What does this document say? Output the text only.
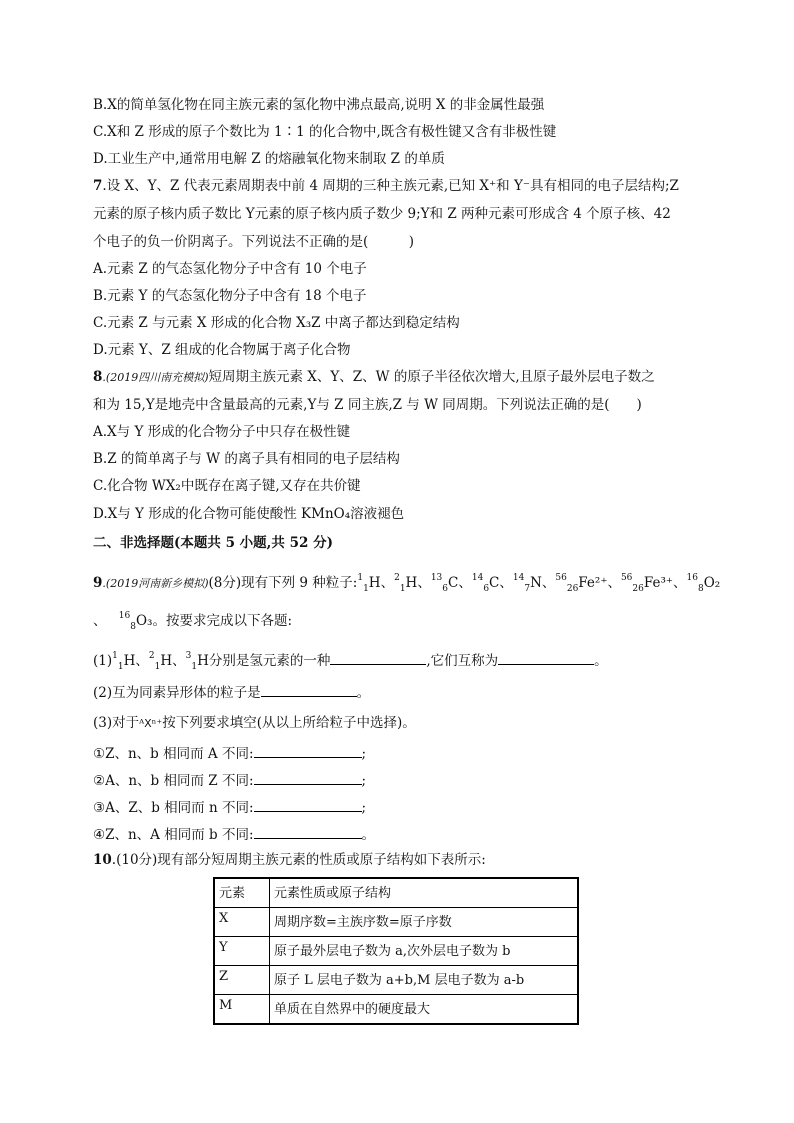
B.X的简单氢化物在同主族元素的氢化物中沸点最高,说明 X 的非金属性最强
C.X和 Z 形成的原子个数比为 1∶1 的化合物中,既含有极性键又含有非极性键
D.工业生产中,通常用电解 Z 的熔融氧化物来制取 Z 的单质
7.设 X、Y、Z 代表元素周期表中前 4 周期的三种主族元素,已知 X⁺和 Y⁻具有相同的电子层结构;Z
元素的原子核内质子数比 Y元素的原子核内质子数少 9;Y和 Z 两种元素可形成含 4 个原子核、42
个电子的负一价阴离子。下列说法不正确的是(　　　)
A.元素 Z 的气态氢化物分子中含有 10 个电子
B.元素 Y 的气态氢化物分子中含有 18 个电子
C.元素 Z 与元素 X 形成的化合物 X₃Z 中离子都达到稳定结构
D.元素 Y、Z 组成的化合物属于离子化合物
8.(2019四川南充模拟)短周期主族元素 X、Y、Z、W 的原子半径依次增大,且原子最外层电子数之
和为 15,Y是地壳中含量最高的元素,Y与 Z 同主族,Z 与 W 同周期。下列说法正确的是(　　)
A.X与 Y 形成的化合物分子中只存在极性键
B.Z 的简单离子与 W 的离子具有相同的电子层结构
C.化合物 WX₂中既存在离子键,又存在共价键
D.X与 Y 形成的化合物可能使酸性 KMnO₄溶液褪色
二、非选择题(本题共 5 小题,共 52 分)
9.(2019河南新乡模拟)(8分)现有下列 9 种粒子:$^1_1$H、$^2_1$H、$^{13}_6$C、$^{14}_6$C、$^{14}_7$N、$^{56}_{26}$Fe²⁺、$^{56}_{26}$Fe³⁺、$^{16}_8$O₂
、 $^{16}_8$O₃。按要求完成以下各题:
$(1)^1_1H$、$^2_1$H、$^3_1$H分别是氢元素的一种	,它们互称为	。
(2)互为同素异形体的粒子是	。
(3)对于ᴬ𝖷ⁿ⁺按下列要求填空(从以上所给粒子中选择)。
①Z、n、b 相同而 A 不同:	;
②A、n、b 相同而 Z 不同:	;
③A、Z、b 相同而 n 不同:	;
④Z、n、A 相同而 b 不同:	。
10.(10分)现有部分短周期主族元素的性质或原子结构如下表所示:
元素	元素性质或原子结构
X	周期序数=主族序数=原子序数
Y	原子最外层电子数为 a,次外层电子数为 b
Z	原子 L 层电子数为 a+b,M 层电子数为 a-b
M	单质在自然界中的硬度最大
